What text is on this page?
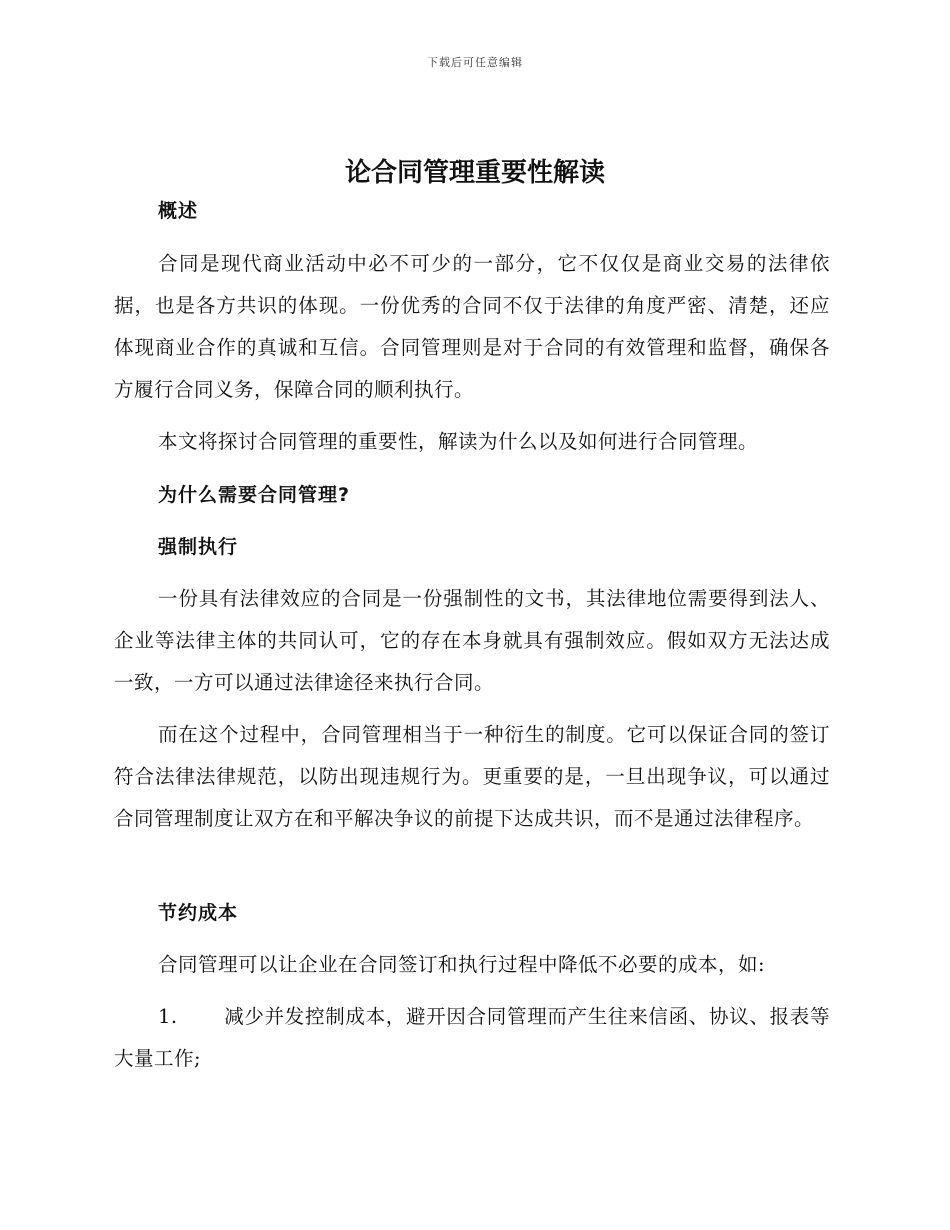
下载后可任意编辑
论合同管理重要性解读
概述

合同是现代商业活动中必不可少的一部分，它不仅仅是商业交易的法律依据，也是各方共识的体现。一份优秀的合同不仅于法律的角度严密、清楚，还应体现商业合作的真诚和互信。合同管理则是对于合同的有效管理和监督，确保各方履行合同义务，保障合同的顺利执行。

本文将探讨合同管理的重要性，解读为什么以及如何进行合同管理。

为什么需要合同管理?
强制执行

一份具有法律效应的合同是一份强制性的文书，其法律地位需要得到法人、企业等法律主体的共同认可，它的存在本身就具有强制效应。假如双方无法达成一致，一方可以通过法律途径来执行合同。

而在这个过程中，合同管理相当于一种衍生的制度。它可以保证合同的签订符合法律法律规范，以防出现违规行为。更重要的是，一旦出现争议，可以通过合同管理制度让双方在和平解决争议的前提下达成共识，而不是通过法律程序。

节约成本

合同管理可以让企业在合同签订和执行过程中降低不必要的成本，如:

1. 减少并发控制成本，避开因合同管理而产生往来信函、协议、报表等大量工作;
